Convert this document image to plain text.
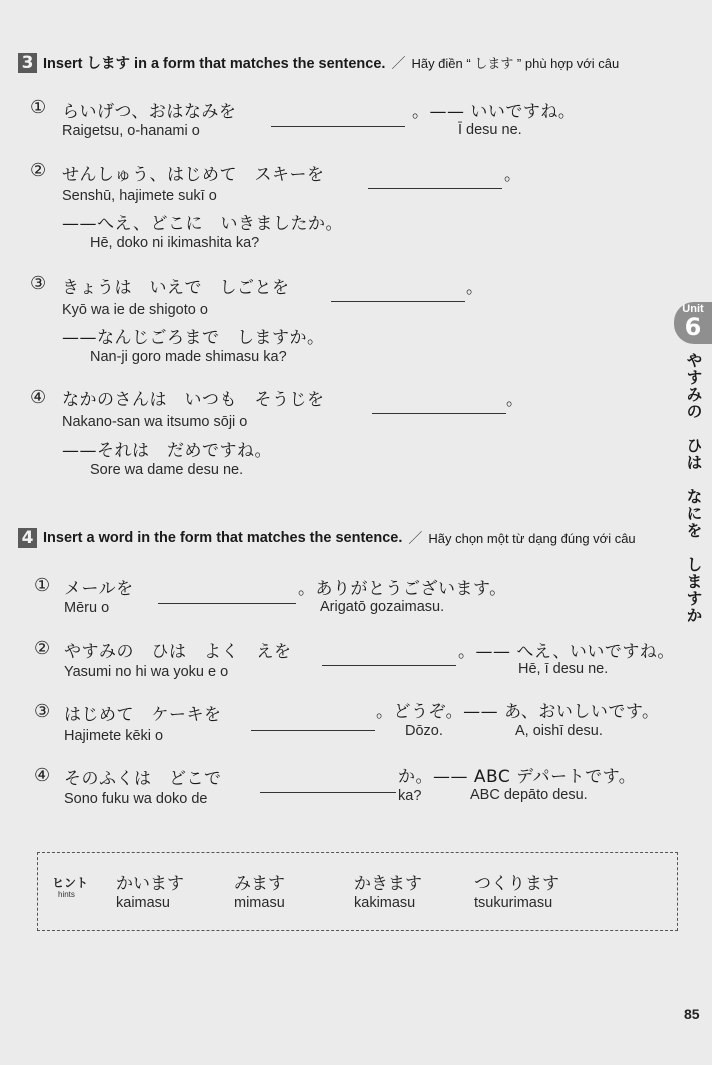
3 Insert します in a form that matches the sentence. ／ Hãy điền “ します ” phù hợp với câu
① らいげつ、おはなみを	。—— いいですね。
Raigetsu, o-hanami o	Ī desu ne.
② せんしゅう、はじめて　スキーを	。
Senshū, hajimete sukī o
——へえ、どこに　いきましたか。
Hē, doko ni ikimashita ka?
③ きょうは　いえで　しごとを	。
Kyō wa ie de shigoto o
——なんじごろまで　しますか。
Nan-ji goro made shimasu ka?
④ なかのさんは　いつも　そうじを	。
Nakano-san wa itsumo sōji o
——それは　だめですね。
Sore wa dame desu ne.
4 Insert a word in the form that matches the sentence. ／ Hãy chọn một từ dạng đúng với câu
① メールを	。ありがとうございます。
Mēru o	Arigatō gozaimasu.
② やすみの　ひは　よく　えを	。—— へえ、いいですね。
Yasumi no hi wa yoku e o	Hē, ī desu ne.
③ はじめて　ケーキを	。どうぞ。—— あ、おいしいです。
Hajimete kēki o	Dōzo.	A, oishī desu.
④ そのふくは　どこで	か。—— ABC デパートです。
Sono fuku wa doko de	ka?	ABC depāto desu.
ヒント
hints
かいます
kaimasu
みます
mimasu
かきます
kakimasu
つくります
tsukurimasu
Unit
6
やすみの　ひは　なにを　しますか
85
